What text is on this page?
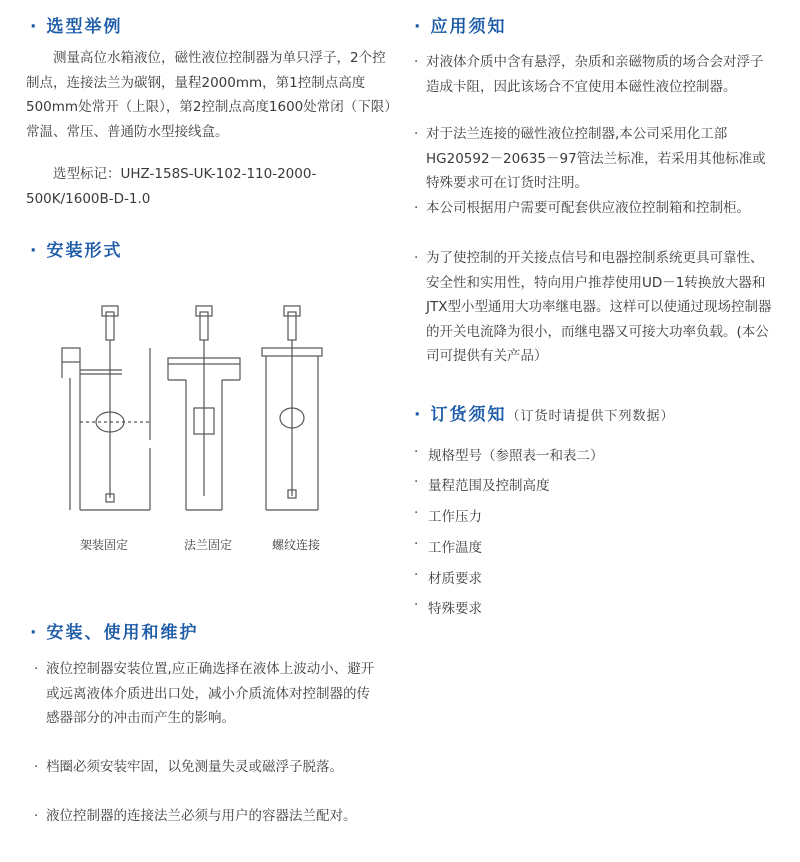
· 选型举例
测量高位水箱液位，磁性液位控制器为单只浮子，2个控制点，连接法兰为碳钢，量程2000mm，第1控制点高度500mm处常开（上限），第2控制点高度1600处常闭（下限）常温、常压、普通防水型接线盒。
选型标记：UHZ-158S-UK-102-110-2000-500K/1600B-D-1.0
· 安装形式
架装固定	法兰固定	螺纹连接
· 安装、使用和维护
· 液位控制器安装位置,应正确选择在液体上波动小、避开或远离液体介质进出口处，减小介质流体对控制器的传感器部分的冲击而产生的影响。
· 档圈必须安装牢固，以免测量失灵或磁浮子脱落。
· 液位控制器的连接法兰必须与用户的容器法兰配对。
· 应用须知
· 对液体介质中含有悬浮，杂质和亲磁物质的场合会对浮子造成卡阻，因此该场合不宜使用本磁性液位控制器。
· 对于法兰连接的磁性液位控制器,本公司采用化工部HG20592－20635－97管法兰标准，若采用其他标准或特殊要求可在订货时注明。
· 本公司根据用户需要可配套供应液位控制箱和控制柜。
· 为了使控制的开关接点信号和电器控制系统更具可靠性、安全性和实用性，特向用户推荐使用UD－1转换放大器和JTX型小型通用大功率继电器。这样可以使通过现场控制器的开关电流降为很小，而继电器又可接大功率负载。(本公司可提供有关产品）
· 订货须知（订货时请提供下列数据）
· 规格型号（参照表一和表二）
· 量程范围及控制高度
· 工作压力
· 工作温度
· 材质要求
· 特殊要求
